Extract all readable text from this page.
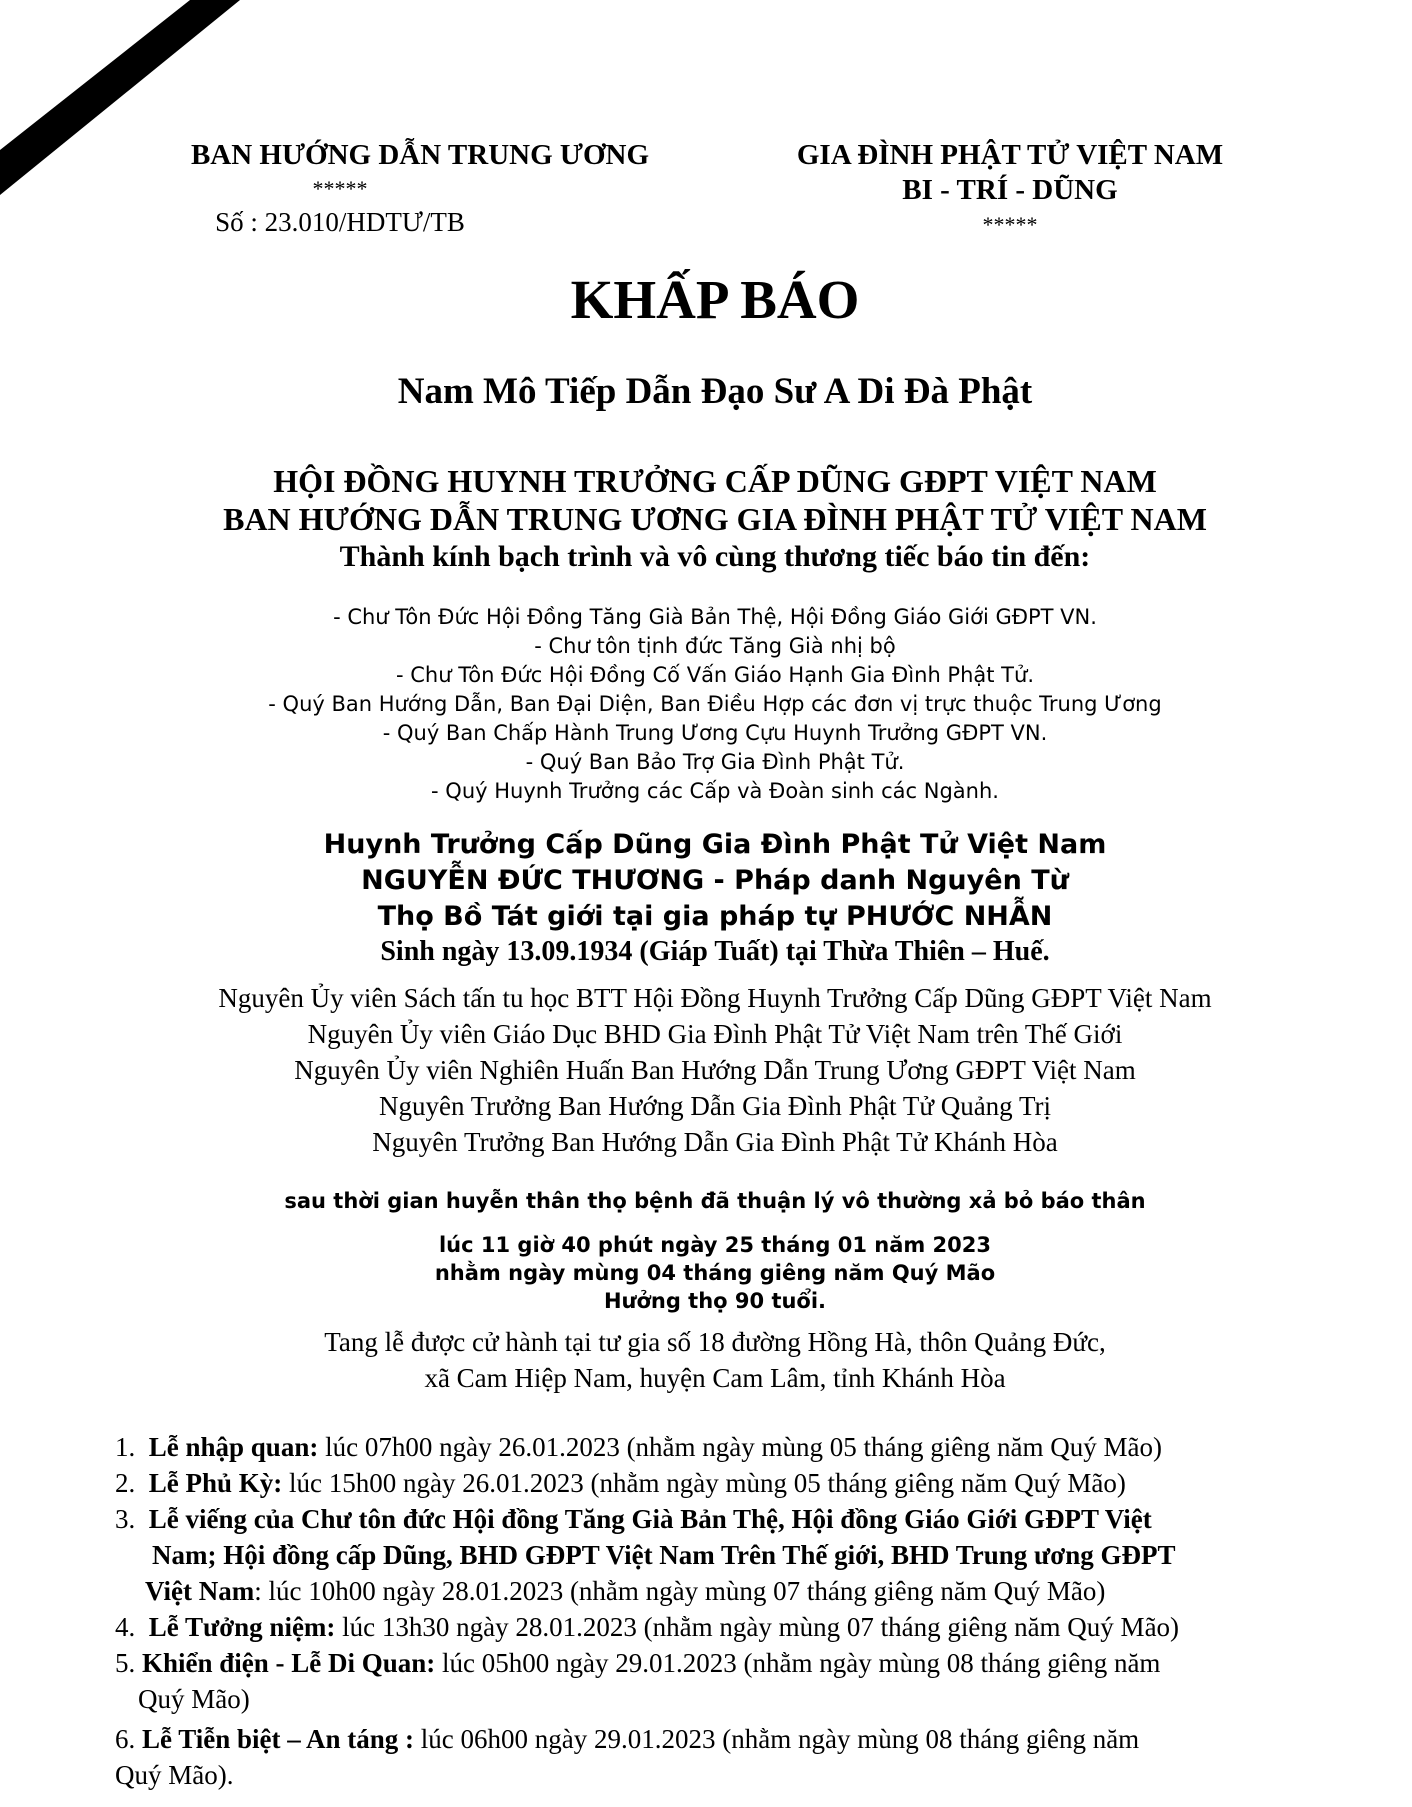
BAN HƯỚNG DẪN TRUNG ƯƠNG
*****
Số : 23.010/HDTƯ/TB
GIA ĐÌNH PHẬT TỬ VIỆT NAM
BI - TRÍ - DŨNG
*****
KHẤP BÁO
Nam Mô Tiếp Dẫn Đạo Sư A Di Đà Phật
HỘI ĐỒNG HUYNH TRƯỞNG CẤP DŨNG GĐPT VIỆT NAM
BAN HƯỚNG DẪN TRUNG ƯƠNG GIA ĐÌNH PHẬT TỬ VIỆT NAM
Thành kính bạch trình và vô cùng thương tiếc báo tin đến:
- Chư Tôn Đức Hội Đồng Tăng Già Bản Thệ, Hội Đồng Giáo Giới GĐPT VN.
- Chư tôn tịnh đức Tăng Già nhị bộ
- Chư Tôn Đức Hội Đồng Cố Vấn Giáo Hạnh Gia Đình Phật Tử.
- Quý Ban Hướng Dẫn, Ban Đại Diện, Ban Điều Hợp các đơn vị trực thuộc Trung Ương
- Quý Ban Chấp Hành Trung Ương Cựu Huynh Trưởng GĐPT VN.
- Quý Ban Bảo Trợ Gia Đình Phật Tử.
- Quý Huynh Trưởng các Cấp và Đoàn sinh các Ngành.
Huynh Trưởng Cấp Dũng Gia Đình Phật Tử Việt Nam
NGUYỄN ĐỨC THƯƠNG - Pháp danh Nguyên Từ
Thọ Bồ Tát giới tại gia pháp tự PHƯỚC NHẪN
Sinh ngày 13.09.1934 (Giáp Tuất) tại Thừa Thiên – Huế.
Nguyên Ủy viên Sách tấn tu học BTT Hội Đồng Huynh Trưởng Cấp Dũng GĐPT Việt Nam
Nguyên Ủy viên Giáo Dục BHD Gia Đình Phật Tử Việt Nam trên Thế Giới
Nguyên Ủy viên Nghiên Huấn Ban Hướng Dẫn Trung Ương GĐPT Việt Nam
Nguyên Trưởng Ban Hướng Dẫn Gia Đình Phật Tử Quảng Trị
Nguyên Trưởng Ban Hướng Dẫn Gia Đình Phật Tử Khánh Hòa
sau thời gian huyễn thân thọ bệnh đã thuận lý vô thường xả bỏ báo thân
lúc 11 giờ 40 phút ngày 25 tháng 01 năm 2023
nhằm ngày mùng 04 tháng giêng năm Quý Mão
Hưởng thọ 90 tuổi.
Tang lễ được cử hành tại tư gia số 18 đường Hồng Hà, thôn Quảng Đức,
xã Cam Hiệp Nam, huyện Cam Lâm, tỉnh Khánh Hòa
1. Lễ nhập quan: lúc 07h00 ngày 26.01.2023 (nhằm ngày mùng 05 tháng giêng năm Quý Mão)
2. Lễ Phủ Kỳ: lúc 15h00 ngày 26.01.2023 (nhằm ngày mùng 05 tháng giêng năm Quý Mão)
3. Lễ viếng của Chư tôn đức Hội đồng Tăng Già Bản Thệ, Hội đồng Giáo Giới GĐPT Việt
Nam; Hội đồng cấp Dũng, BHD GĐPT Việt Nam Trên Thế giới, BHD Trung ương GĐPT
Việt Nam: lúc 10h00 ngày 28.01.2023 (nhằm ngày mùng 07 tháng giêng năm Quý Mão)
4. Lễ Tưởng niệm: lúc 13h30 ngày 28.01.2023 (nhằm ngày mùng 07 tháng giêng năm Quý Mão)
5. Khiển điện - Lễ Di Quan: lúc 05h00 ngày 29.01.2023 (nhằm ngày mùng 08 tháng giêng năm
Quý Mão)
6. Lễ Tiễn biệt – An táng : lúc 06h00 ngày 29.01.2023 (nhằm ngày mùng 08 tháng giêng năm
Quý Mão).
